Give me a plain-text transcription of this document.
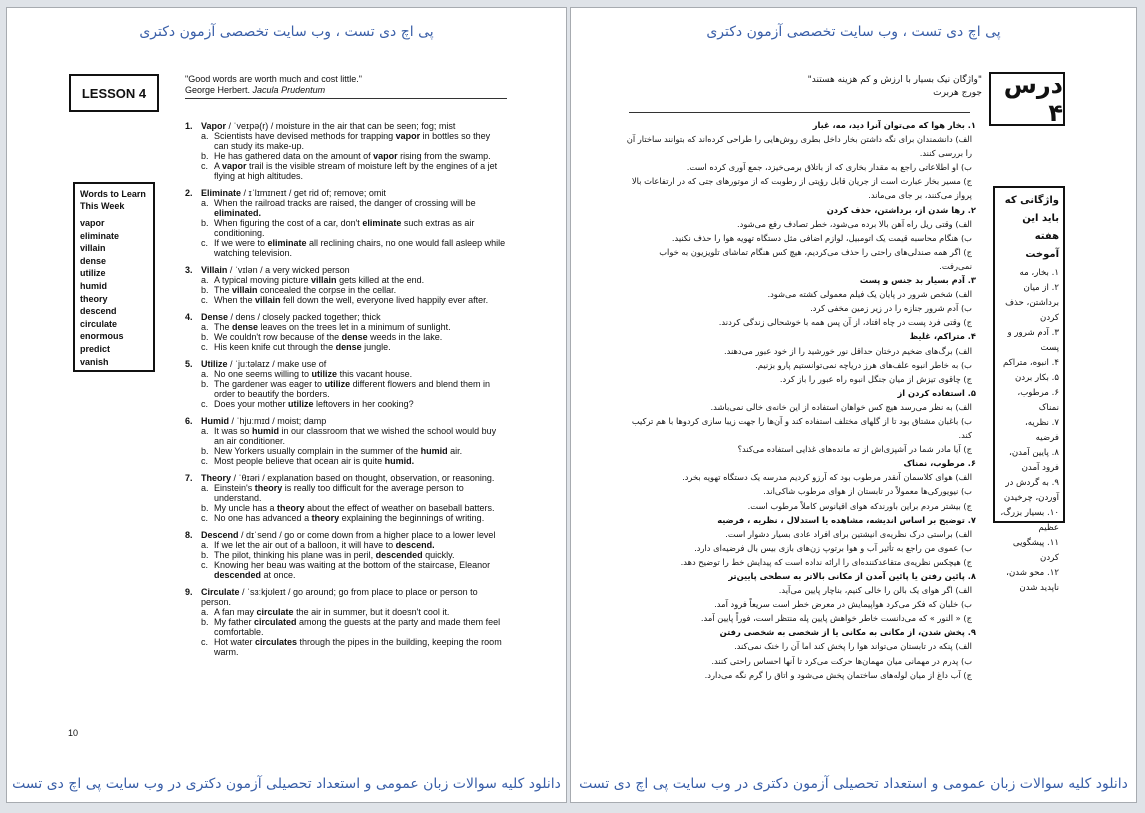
پی اچ دی تست ، وب سایت تخصصی آزمون دکتری
LESSON 4
"Good words are worth much and cost little."
George Herbert. Jacula Prudentum
Words to Learn This Week
vapor
eliminate
villain
dense
utilize
humid
theory
descend
circulate
enormous
predict
vanish
1. Vapor / ˈveɪpə(r) / moisture in the air that can be seen; fog; mist
a. Scientists have devised methods for trapping vapor in bottles so they can study its make-up.
b. He has gathered data on the amount of vapor rising from the swamp.
c. A vapor trail is the visible stream of moisture left by the engines of a jet flying at high altitudes.
2. Eliminate / ɪˈlɪmɪneɪt / get rid of; remove; omit
a. When the railroad tracks are raised, the danger of crossing will be eliminated.
b. When figuring the cost of a car, don't eliminate such extras as air conditioning.
c. If we were to eliminate all reclining chairs, no one would fall asleep while watching television.
3. Villain / ˈvɪlən / a very wicked person
a. A typical moving picture villain gets killed at the end.
b. The villain concealed the corpse in the cellar.
c. When the villain fell down the well, everyone lived happily ever after.
4. Dense / dens / closely packed together; thick
a. The dense leaves on the trees let in a minimum of sunlight.
b. We couldn't row because of the dense weeds in the lake.
c. His keen knife cut through the dense jungle.
5. Utilize / ˈjuːtəlaɪz / make use of
a. No one seems willing to utilize this vacant house.
b. The gardener was eager to utilize different flowers and blend them in order to beautify the borders.
c. Does your mother utilize leftovers in her cooking?
6. Humid / ˈhjuːmɪd / moist; damp
a. It was so humid in our classroom that we wished the school would buy an air conditioner.
b. New Yorkers usually complain in the summer of the humid air.
c. Most people believe that ocean air is quite humid.
7. Theory / ˈθɪəri / explanation based on thought, observation, or reasoning.
a. Einstein's theory is really too difficult for the average person to understand.
b. My uncle has a theory about the effect of weather on baseball batters.
c. No one has advanced a theory explaining the beginnings of writing.
8. Descend / dɪˈsend / go or come down from a higher place to a lower level
a. If we let the air out of a balloon, it will have to descend.
b. The pilot, thinking his plane was in peril, descended quickly.
c. Knowing her beau was waiting at the bottom of the staircase, Eleanor descended at once.
9. Circulate / ˈsɜːkjʊleɪt / go around; go from place to place or person to person.
a. A fan may circulate the air in summer, but it doesn't cool it.
b. My father circulated among the guests at the party and made them feel comfortable.
c. Hot water circulates through the pipes in the building, keeping the room warm.
10
دانلود کلیه سوالات زبان عمومی و استعداد تحصیلی آزمون دکتری در وب سایت پی اچ دی تست
پی اچ دی تست ، وب سایت تخصصی آزمون دکتری
درس ۴
"واژگان نیک بسیار با ارزش و کم هزینه هستند"
جورج هربرت
واژگانی که باید این هفته آموخت
۱. بخار، مه
۲. از میان برداشتن، حذف کردن
۳. آدم شرور و پست
۴. انبوه، متراکم
۵. بکار بردن
۶. مرطوب، نمناک
۷. نظریه، فرضیه
۸. پایین آمدن، فرود آمدن
۹. به گردش در آوردن، چرخیدن
۱۰. بسیار بزرگ، عظیم
۱۱. پیشگویی کردن
۱۲. محو شدن، ناپدید شدن
۱. بخار هوا که می‌توان آنرا دید، مه، غبار
الف) دانشمندان برای نگه داشتن بخار داخل بطری روش‌هایی را طراحی کرده‌اند که بتوانند ساختار آن را بررسی کنند.
ب) او اطلاعاتی راجع به مقدار بخاری که از باتلاق برمی‌خیزد، جمع آوری کرده است.
ج) مسیر بخار عبارت است از جریان قابل رؤیتی از رطوبت که از موتورهای جتی که در ارتفاعات بالا پرواز می‌کنند، بر جای می‌ماند.
۲. رها شدن از، برداشتن، حذف کردن
الف) وقتی ریل راه آهن بالا برده می‌شود، خطر تصادف رفع می‌شود.
ب) هنگام محاسبه قیمت یک اتومبیل، لوازم اضافی مثل دستگاه تهویه هوا را حذف نکنید.
ج) اگر همه صندلی‌های راحتی را حذف می‌کردیم، هیچ کس هنگام تماشای تلویزیون به خواب نمی‌رفت.
۳. آدم بسیار بد جنس و پست
الف) شخص شرور در پایان یک فیلم معمولی کشته می‌شود.
ب) آدم شرور جنازه را در زیر زمین مخفی کرد.
ج) وقتی فرد پست در چاه افتاد، از آن پس همه با خوشحالی زندگی کردند.
۴. متراکم، غلیظ
الف) برگ‌های ضخیم درختان حداقل نور خورشید را از خود عبور می‌دهند.
ب) به خاطر انبوه علف‌های هرز دریاچه نمی‌توانستیم پارو بزنیم.
ج) چاقوی تیزش از میان جنگل انبوه راه عبور را باز کرد.
۵. استفاده کردن از
الف) به نظر می‌رسد هیچ کس خواهان استفاده از این خانه‌ی خالی نمی‌باشد.
ب) باغبان مشتاق بود تا از گلهای مختلف استفاده کند و آن‌ها را جهت زیبا سازی کردوها با هم ترکیب کند.
ج) آیا مادر شما در آشپزی‌اش از ته مانده‌های غذایی استفاده می‌کند؟
۶. مرطوب، نمناک
الف) هوای کلاسمان آنقدر مرطوب بود که آرزو کردیم مدرسه یک دستگاه تهویه بخرد.
ب) نیویورکی‌ها معمولاً در تابستان از هوای مرطوب شاکی‌اند.
ج) بیشتر مردم براین باورندکه هوای اقیانوس کاملاً مرطوب است.
۷. توضیح بر اساس اندیشه، مشاهده یا استدلال ، نظریه ، فرضیه
الف) براستی درک نظریه‌ی انیشتین برای افراد عادی بسیار دشوار است.
ب) عموی من راجع به تأثیر آب و هوا برتوپ زن‌های بازی بیس بال فرضیه‌ای دارد.
ج) هیچکس نظریه‌ی متقاعدکننده‌ای را ارائه نداده است که پیدایش خط را توضیح دهد.
۸. پائین رفتن یا پائین آمدن از مکانی بالاتر به سطحی پایین‌تر
الف) اگر هوای یک بالن را خالی کنیم، بناچار پایین می‌آید.
ب) خلبان که فکر می‌کرد هواپیمایش در معرض خطر است سریعاً فرود آمد.
ج) « النور » که می‌دانست خاطر خواهش پایین پله منتظر است، فوراً پایین آمد.
۹. پخش شدن، از مکانی به مکانی یا از شخصی به شخصی رفتن
الف) پنکه در تابستان می‌تواند هوا را پخش کند اما آن را خنک نمی‌کند.
ب) پدرم در مهمانی میان مهمان‌ها حرکت می‌کرد تا آنها احساس راحتی کنند.
ج) آب داغ از میان لوله‌های ساختمان پخش می‌شود و اتاق را گرم نگه می‌دارد.
دانلود کلیه سوالات زبان عمومی و استعداد تحصیلی آزمون دکتری در وب سایت پی اچ دی تست
